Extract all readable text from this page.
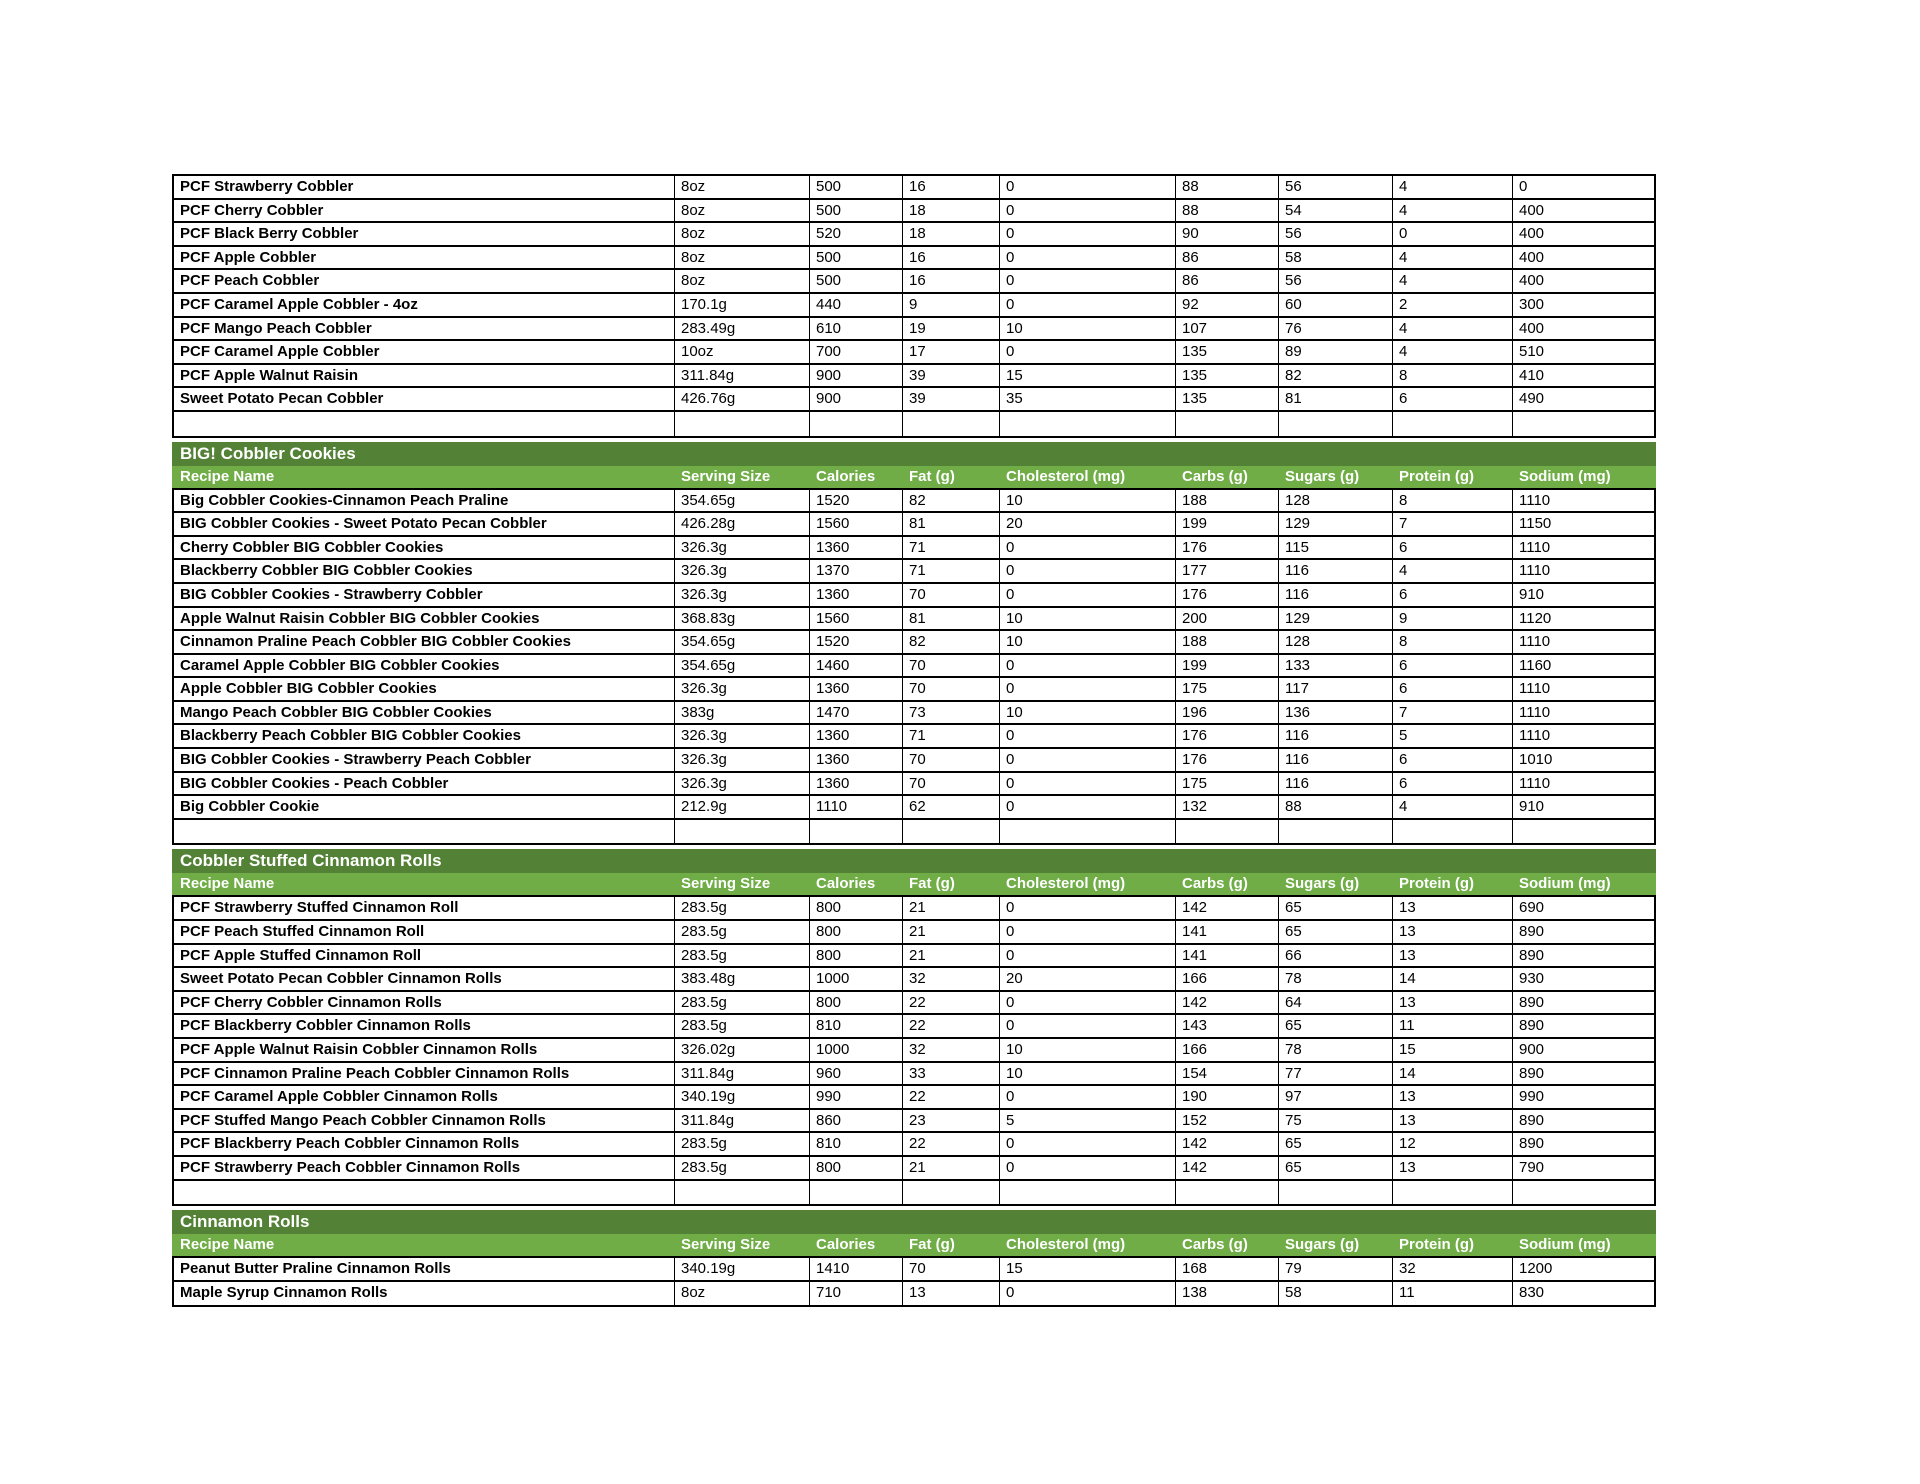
PCF Strawberry Cobbler	8oz	500	16	0	88	56	4	0
PCF Cherry Cobbler	8oz	500	18	0	88	54	4	400
PCF Black Berry Cobbler	8oz	520	18	0	90	56	0	400
PCF Apple Cobbler	8oz	500	16	0	86	58	4	400
PCF Peach Cobbler	8oz	500	16	0	86	56	4	400
PCF Caramel Apple Cobbler - 4oz	170.1g	440	9	0	92	60	2	300
PCF Mango Peach Cobbler	283.49g	610	19	10	107	76	4	400
PCF Caramel Apple Cobbler	10oz	700	17	0	135	89	4	510
PCF Apple Walnut Raisin	311.84g	900	39	15	135	82	8	410
Sweet Potato Pecan Cobbler	426.76g	900	39	35	135	81	6	490
BIG! Cobbler Cookies
Recipe Name	Serving Size	Calories	Fat (g)	Cholesterol (mg)	Carbs (g)	Sugars (g)	Protein (g)	Sodium (mg)
Big Cobbler Cookies-Cinnamon Peach Praline	354.65g	1520	82	10	188	128	8	1110
BIG Cobbler Cookies - Sweet Potato Pecan Cobbler	426.28g	1560	81	20	199	129	7	1150
Cherry Cobbler BIG Cobbler Cookies	326.3g	1360	71	0	176	115	6	1110
Blackberry Cobbler BIG Cobbler Cookies	326.3g	1370	71	0	177	116	4	1110
BIG Cobbler Cookies - Strawberry Cobbler	326.3g	1360	70	0	176	116	6	910
Apple Walnut Raisin Cobbler BIG Cobbler Cookies	368.83g	1560	81	10	200	129	9	1120
Cinnamon Praline Peach Cobbler BIG Cobbler Cookies	354.65g	1520	82	10	188	128	8	1110
Caramel Apple Cobbler BIG Cobbler Cookies	354.65g	1460	70	0	199	133	6	1160
Apple Cobbler BIG Cobbler Cookies	326.3g	1360	70	0	175	117	6	1110
Mango Peach Cobbler BIG Cobbler Cookies	383g	1470	73	10	196	136	7	1110
Blackberry Peach Cobbler BIG Cobbler Cookies	326.3g	1360	71	0	176	116	5	1110
BIG Cobbler Cookies - Strawberry Peach Cobbler	326.3g	1360	70	0	176	116	6	1010
BIG Cobbler Cookies - Peach Cobbler	326.3g	1360	70	0	175	116	6	1110
Big Cobbler Cookie	212.9g	1110	62	0	132	88	4	910
Cobbler Stuffed Cinnamon Rolls
Recipe Name	Serving Size	Calories	Fat (g)	Cholesterol (mg)	Carbs (g)	Sugars (g)	Protein (g)	Sodium (mg)
PCF Strawberry Stuffed Cinnamon Roll	283.5g	800	21	0	142	65	13	690
PCF Peach Stuffed Cinnamon Roll	283.5g	800	21	0	141	65	13	890
PCF Apple Stuffed Cinnamon Roll	283.5g	800	21	0	141	66	13	890
Sweet Potato Pecan Cobbler Cinnamon Rolls	383.48g	1000	32	20	166	78	14	930
PCF Cherry Cobbler Cinnamon Rolls	283.5g	800	22	0	142	64	13	890
PCF Blackberry Cobbler Cinnamon Rolls	283.5g	810	22	0	143	65	11	890
PCF Apple Walnut Raisin Cobbler Cinnamon Rolls	326.02g	1000	32	10	166	78	15	900
PCF Cinnamon Praline Peach Cobbler Cinnamon Rolls	311.84g	960	33	10	154	77	14	890
PCF Caramel Apple Cobbler Cinnamon Rolls	340.19g	990	22	0	190	97	13	990
PCF Stuffed Mango Peach Cobbler Cinnamon Rolls	311.84g	860	23	5	152	75	13	890
PCF Blackberry Peach Cobbler Cinnamon Rolls	283.5g	810	22	0	142	65	12	890
PCF Strawberry Peach Cobbler Cinnamon Rolls	283.5g	800	21	0	142	65	13	790
Cinnamon Rolls
Recipe Name	Serving Size	Calories	Fat (g)	Cholesterol (mg)	Carbs (g)	Sugars (g)	Protein (g)	Sodium (mg)
Peanut Butter Praline Cinnamon Rolls	340.19g	1410	70	15	168	79	32	1200
Maple Syrup Cinnamon Rolls	8oz	710	13	0	138	58	11	830
